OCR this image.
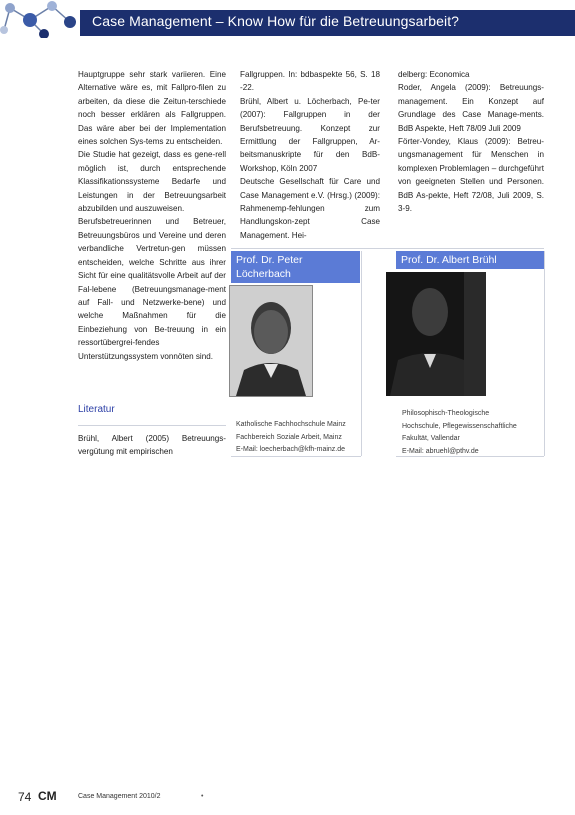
Case Management – Know How für die Betreuungsarbeit?

Hauptgruppe sehr stark variieren. Eine Alternative wäre es, mit Fallpro-filen zu arbeiten, da diese die Zeitun-terschiede noch besser erklären als Fallgruppen. Das wäre aber bei der Implementation eines solchen Sys-tems zu entscheiden.

Die Studie hat gezeigt, dass es gene-rell möglich ist, durch entsprechende Klassifikationssysteme Bedarfe und Leistungen in der Betreuungsarbeit abzubilden und auszuweisen.

Berufsbetreuerinnen und Betreuer, Betreuungsbüros und Vereine und deren verbandliche Vertretun-gen müssen entscheiden, welche Schritte aus ihrer Sicht für eine qualitätsvolle Arbeit auf der Fal-lebene (Betreuungsmanage-ment auf Fall- und Netzwerke-bene) und welche Maßnahmen für die Einbeziehung von Be-treuung in ein ressortübergrei-fendes Unterstützungssystem vonnöten sind.

Literatur

Brühl, Albert (2005) Betreuungs-vergütung mit empirischen

Fallgruppen. In: bdbaspekte 56, S. 18 -22.

Brühl, Albert u. Löcherbach, Pe-ter (2007): Fallgruppen in der Berufsbetreuung. Konzept zur Ermittlung der Fallgruppen, Ar-beitsmanuskripte für den BdB-Workshop, Köln 2007

Deutsche Gesellschaft für Care und Case Management e.V. (Hrsg.) (2009): Rahmenemp-fehlungen zum Handlungskon-zept Case Management. Hei-

delberg: Economica

Roder, Angela (2009): Betreuungs-management. Ein Konzept auf Grundlage des Case Manage-ments. BdB Aspekte, Heft 78/09 Juli 2009

Förter-Vondey, Klaus (2009): Betreu-ungsmanagement für Menschen in komplexen Problemlagen – durchgeführt von geeigneten Stellen und Personen. BdB As-pekte, Heft 72/08, Juli 2009, S. 3-9.

Prof. Dr. Peter Löcherbach
Prof. Dr. Albert Brühl
Katholische Fachhochschule Mainz
Fachbereich Soziale Arbeit, Mainz
E-Mail: loecherbach@kfh-mainz.de
Philosophisch-Theologische
Hochschule, Pflegewissenschaftliche
Fakultät, Vallendar
E-Mail: abruehl@pthv.de
74 CM	Case Management 2010/2	•
